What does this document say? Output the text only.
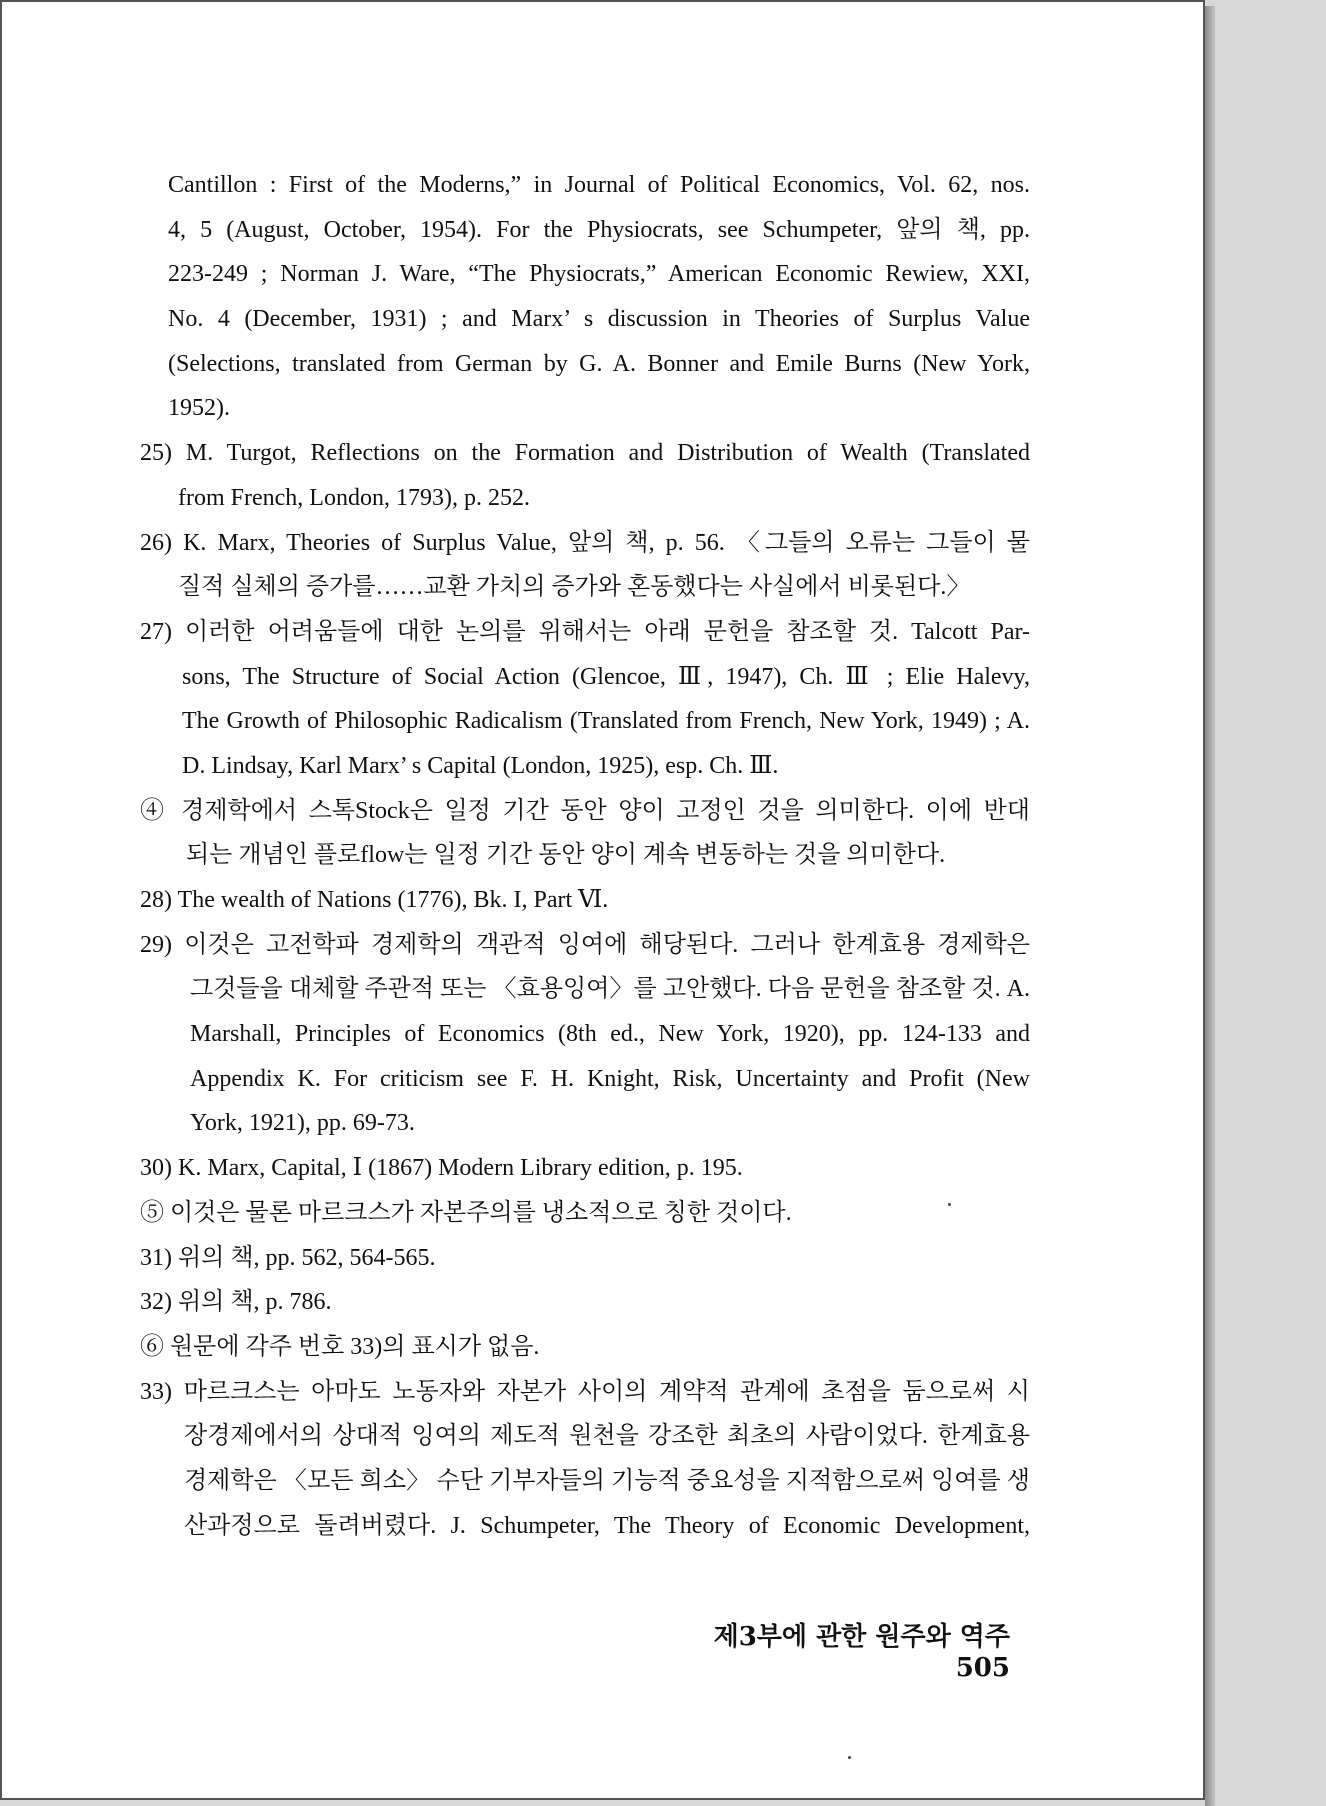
Cantillon : First of the Moderns,” in Journal of Political Economics, Vol. 62, nos.
4, 5 (August, October, 1954). For the Physiocrats, see Schumpeter, 앞의 책, pp.
223-249 ; Norman J. Ware, “The Physiocrats,” American Economic Rewiew, XXI,
No. 4 (December, 1931) ; and Marx’ s discussion in Theories of Surplus Value
(Selections, translated from German by G. A. Bonner and Emile Burns (New York,
1952).
25) M. Turgot, Reflections on the Formation and Distribution of Wealth (Translated
from French, London, 1793), p. 252.
26) K. Marx, Theories of Surplus Value, 앞의 책, p. 56. 〈그들의 오류는 그들이 물
질적 실체의 증가를……교환 가치의 증가와 혼동했다는 사실에서 비롯된다.〉
27) 이러한 어려움들에 대한 논의를 위해서는 아래 문헌을 참조할 것. Talcott Par-
sons, The Structure of Social Action (Glencoe, Ⅲ, 1947), Ch. Ⅲ ; Elie Halevy,
The Growth of Philosophic Radicalism (Translated from French, New York, 1949) ; A.
D. Lindsay, Karl Marx’ s Capital (London, 1925), esp. Ch. Ⅲ.
④ 경제학에서 스톡Stock은 일정 기간 동안 양이 고정인 것을 의미한다. 이에 반대
되는 개념인 플로flow는 일정 기간 동안 양이 계속 변동하는 것을 의미한다.
28) The wealth of Nations (1776), Bk. I, Part Ⅵ.
29) 이것은 고전학파 경제학의 객관적 잉여에 해당된다. 그러나 한계효용 경제학은
그것들을 대체할 주관적 또는 〈효용잉여〉를 고안했다. 다음 문헌을 참조할 것. A.
Marshall, Principles of Economics (8th ed., New York, 1920), pp. 124-133 and
Appendix K. For criticism see F. H. Knight, Risk, Uncertainty and Profit (New
York, 1921), pp. 69-73.
30) K. Marx, Capital, Ⅰ (1867) Modern Library edition, p. 195.
⑤ 이것은 물론 마르크스가 자본주의를 냉소적으로 칭한 것이다.
31) 위의 책, pp. 562, 564-565.
32) 위의 책, p. 786.
⑥ 원문에 각주 번호 33)의 표시가 없음.
33) 마르크스는 아마도 노동자와 자본가 사이의 계약적 관계에 초점을 둠으로써 시
장경제에서의 상대적 잉여의 제도적 원천을 강조한 최초의 사람이었다. 한계효용
경제학은 〈모든 희소〉 수단 기부자들의 기능적 중요성을 지적함으로써 잉여를 생
산과정으로 돌려버렸다. J. Schumpeter, The Theory of Economic Development,
제3부에 관한 원주와 역주 505
